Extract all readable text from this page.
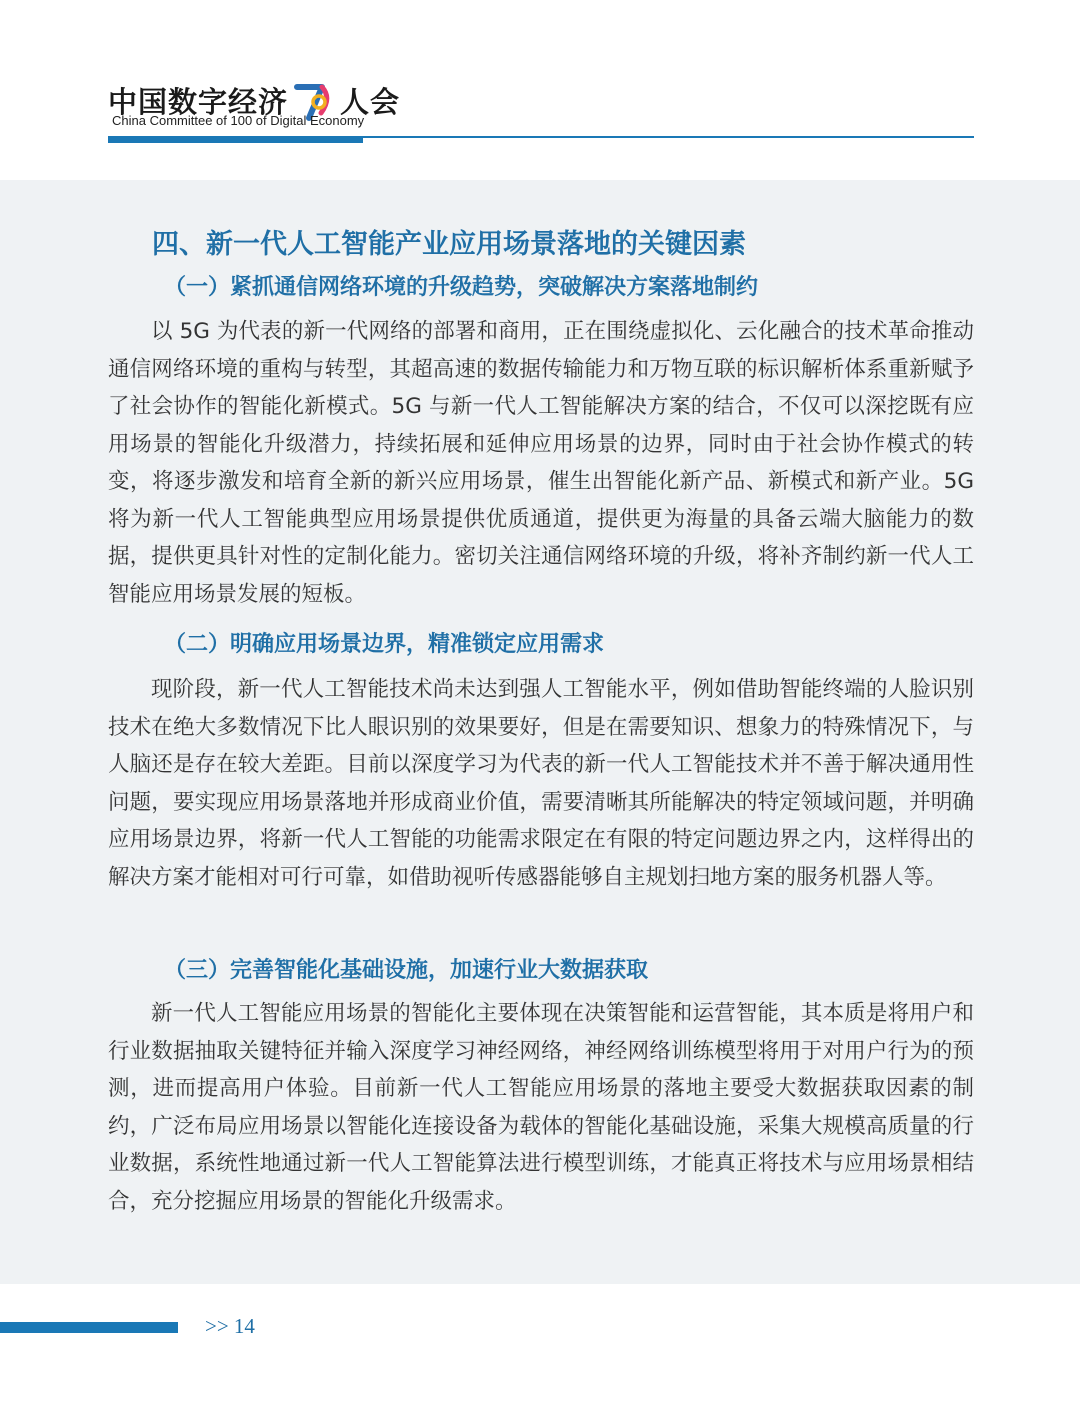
中国数字经济 人会
China Committee of 100 of Digital Economy
四、新一代人工智能产业应用场景落地的关键因素
（一）紧抓通信网络环境的升级趋势，突破解决方案落地制约

以 5G 为代表的新一代网络的部署和商用，正在围绕虚拟化、云化融合的技术革命推动通信网络环境的重构与转型，其超高速的数据传输能力和万物互联的标识解析体系重新赋予了社会协作的智能化新模式。5G 与新一代人工智能解决方案的结合，不仅可以深挖既有应用场景的智能化升级潜力，持续拓展和延伸应用场景的边界，同时由于社会协作模式的转变，将逐步激发和培育全新的新兴应用场景，催生出智能化新产品、新模式和新产业。5G 将为新一代人工智能典型应用场景提供优质通道，提供更为海量的具备云端大脑能力的数据，提供更具针对性的定制化能力。密切关注通信网络环境的升级，将补齐制约新一代人工智能应用场景发展的短板。

（二）明确应用场景边界，精准锁定应用需求

现阶段，新一代人工智能技术尚未达到强人工智能水平，例如借助智能终端的人脸识别技术在绝大多数情况下比人眼识别的效果要好，但是在需要知识、想象力的特殊情况下，与人脑还是存在较大差距。目前以深度学习为代表的新一代人工智能技术并不善于解决通用性问题，要实现应用场景落地并形成商业价值，需要清晰其所能解决的特定领域问题，并明确应用场景边界，将新一代人工智能的功能需求限定在有限的特定问题边界之内，这样得出的解决方案才能相对可行可靠，如借助视听传感器能够自主规划扫地方案的服务机器人等。

（三）完善智能化基础设施，加速行业大数据获取

新一代人工智能应用场景的智能化主要体现在决策智能和运营智能，其本质是将用户和行业数据抽取关键特征并输入深度学习神经网络，神经网络训练模型将用于对用户行为的预测，进而提高用户体验。目前新一代人工智能应用场景的落地主要受大数据获取因素的制约，广泛布局应用场景以智能化连接设备为载体的智能化基础设施，采集大规模高质量的行业数据，系统性地通过新一代人工智能算法进行模型训练，才能真正将技术与应用场景相结合，充分挖掘应用场景的智能化升级需求。

>> 14
